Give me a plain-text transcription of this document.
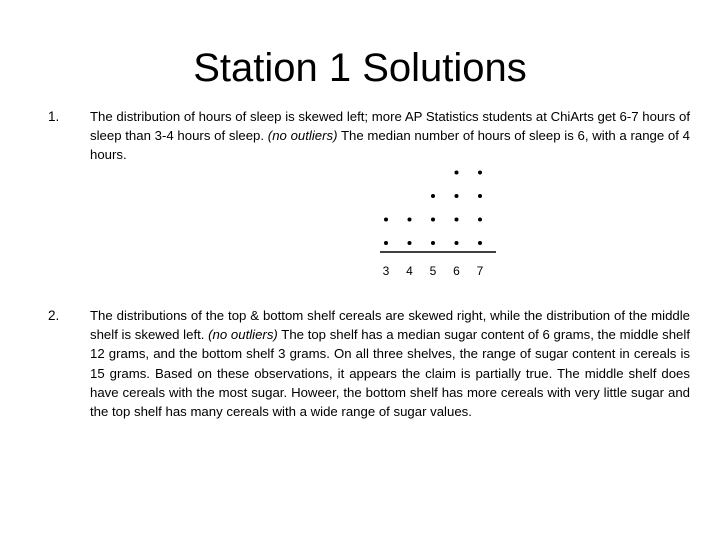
Station 1 Solutions
1. The distribution of hours of sleep is skewed left; more AP Statistics students at ChiArts get 6-7 hours of sleep than 3-4 hours of sleep. (no outliers) The median number of hours of sleep is 6, with a range of 4 hours.
3 4 5 6 7
2. The distributions of the top & bottom shelf cereals are skewed right, while the distribution of the middle shelf is skewed left. (no outliers) The top shelf has a median sugar content of 6 grams, the middle shelf 12 grams, and the bottom shelf 3 grams. On all three shelves, the range of sugar content in cereals is 15 grams. Based on these observations, it appears the claim is partially true. The middle shelf does have cereals with the most sugar. Howeer, the bottom shelf has more cereals with very little sugar and the top shelf has many cereals with a wide range of sugar values.
